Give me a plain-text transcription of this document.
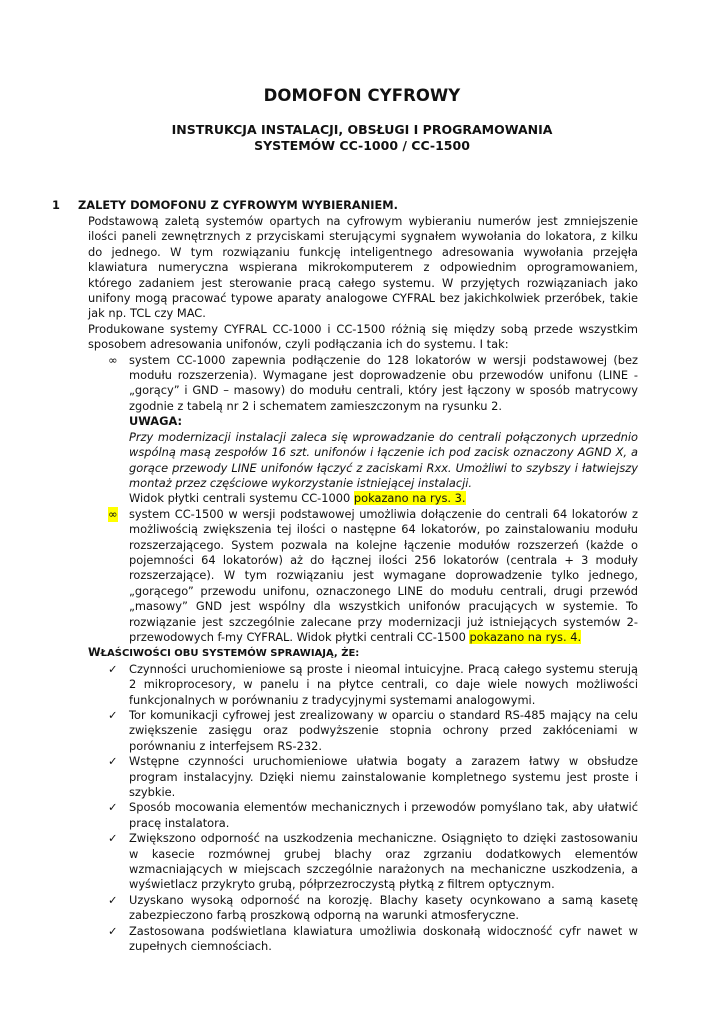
DOMOFON CYFROWY
INSTRUKCJA INSTALACJI, OBSŁUGI I PROGRAMOWANIA
SYSTEMÓW CC-1000 / CC-1500
1 ZALETY DOMOFONU Z CYFROWYM WYBIERANIEM.

Podstawową zaletą systemów opartych na cyfrowym wybieraniu numerów jest zmniejszenie ilości paneli zewnętrznych z przyciskami sterującymi sygnałem wywołania do lokatora, z kilku do jednego. W tym rozwiązaniu funkcję inteligentnego adresowania wywołania przejęła klawiatura numeryczna wspierana mikrokomputerem z odpowiednim oprogramowaniem, którego zadaniem jest sterowanie pracą całego systemu. W przyjętych rozwiązaniach jako unifony mogą pracować typowe aparaty analogowe CYFRAL bez jakichkolwiek przeróbek, takie jak np. TCL czy MAC.

Produkowane systemy CYFRAL CC-1000 i CC-1500 różnią się między sobą przede wszystkim sposobem adresowania unifonów, czyli podłączania ich do systemu. I tak:

∞ system CC-1000 zapewnia podłączenie do 128 lokatorów w wersji podstawowej (bez modułu rozszerzenia). Wymagane jest doprowadzenie obu przewodów unifonu (LINE -„gorący” i GND – masowy) do modułu centrali, który jest łączony w sposób matrycowy zgodnie z tabelą nr 2 i schematem zamieszczonym na rysunku 2.

UWAGA:

Przy modernizacji instalacji zaleca się wprowadzanie do centrali połączonych uprzednio wspólną masą zespołów 16 szt. unifonów i łączenie ich pod zacisk oznaczony AGND X, a gorące przewody LINE unifonów łączyć z zaciskami Rxx. Umożliwi to szybszy i łatwiejszy montaż przez częściowe wykorzystanie istniejącej instalacji.

Widok płytki centrali systemu CC-1000 pokazano na rys. 3.

∞ system CC-1500 w wersji podstawowej umożliwia dołączenie do centrali 64 lokatorów z możliwością zwiększenia tej ilości o następne 64 lokatorów, po zainstalowaniu modułu rozszerzającego. System pozwala na kolejne łączenie modułów rozszerzeń (każde o pojemności 64 lokatorów) aż do łącznej ilości 256 lokatorów (centrala + 3 moduły rozszerzające). W tym rozwiązaniu jest wymagane doprowadzenie tylko jednego, „gorącego” przewodu unifonu, oznaczonego LINE do modułu centrali, drugi przewód „masowy” GND jest wspólny dla wszystkich unifonów pracujących w systemie. To rozwiązanie jest szczególnie zalecane przy modernizacji już istniejących systemów 2-przewodowych f-my CYFRAL. Widok płytki centrali CC-1500 pokazano na rys. 4.

WŁAŚCIWOŚCI OBU SYSTEMÓW SPRAWIAJĄ, ŻE:

✓ Czynności uruchomieniowe są proste i nieomal intuicyjne. Pracą całego systemu sterują 2 mikroprocesory, w panelu i na płytce centrali, co daje wiele nowych możliwości funkcjonalnych w porównaniu z tradycyjnymi systemami analogowymi.

✓ Tor komunikacji cyfrowej jest zrealizowany w oparciu o standard RS-485 mający na celu zwiększenie zasięgu oraz podwyższenie stopnia ochrony przed zakłóceniami w porównaniu z interfejsem RS-232.

✓ Wstępne czynności uruchomieniowe ułatwia bogaty a zarazem łatwy w obsłudze program instalacyjny. Dzięki niemu zainstalowanie kompletnego systemu jest proste i szybkie.

✓ Sposób mocowania elementów mechanicznych i przewodów pomyślano tak, aby ułatwić pracę instalatora.

✓ Zwiększono odporność na uszkodzenia mechaniczne. Osiągnięto to dzięki zastosowaniu w kasecie rozmównej grubej blachy oraz zgrzaniu dodatkowych elementów wzmacniających w miejscach szczególnie narażonych na mechaniczne uszkodzenia, a wyświetlacz przykryto grubą, półprzezroczystą płytką z filtrem optycznym.

✓ Uzyskano wysoką odporność na korozję. Blachy kasety ocynkowano a samą kasetę zabezpieczono farbą proszkową odporną na warunki atmosferyczne.

✓ Zastosowana podświetlana klawiatura umożliwia doskonałą widoczność cyfr nawet w zupełnych ciemnościach.
